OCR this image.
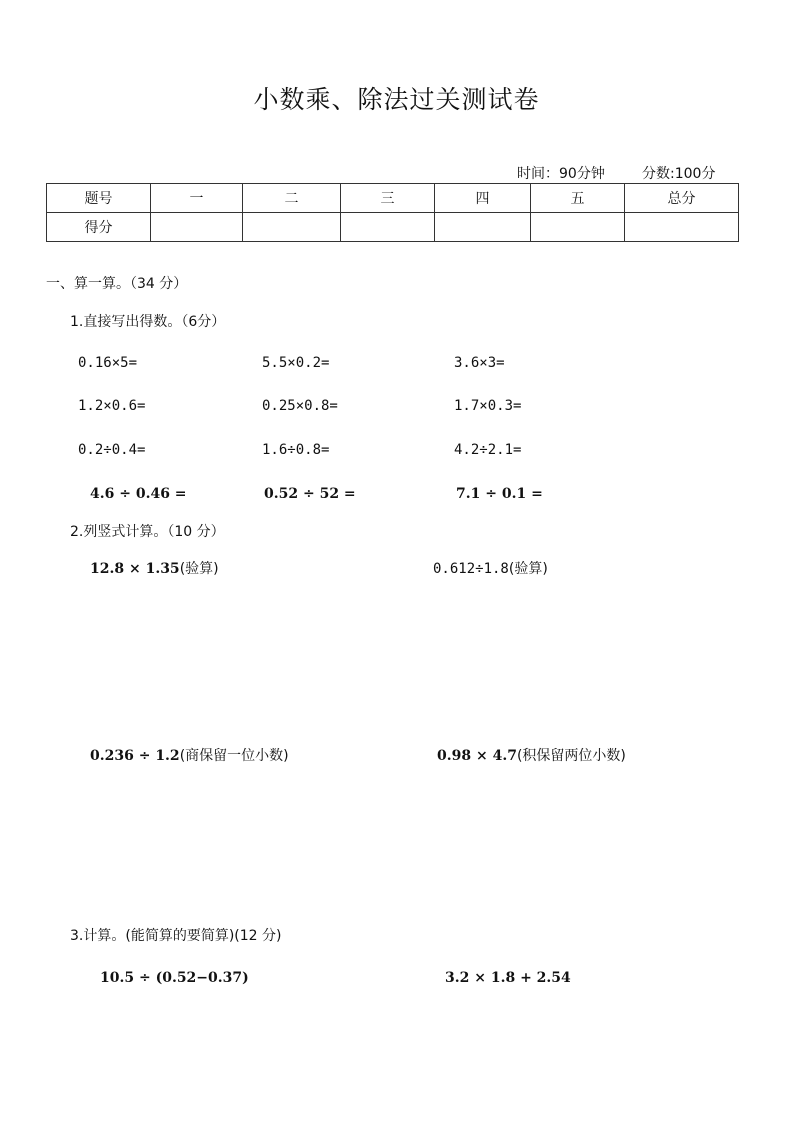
小数乘、除法过关测试卷
时间：90分钟	分数:100分
题号	一	二	三	四	五	总分
得分						
一、算一算。（34 分）
1.直接写出得数。（6分）
0.16×5=	5.5×0.2=	3.6×3=
1.2×0.6=	0.25×0.8=	1.7×0.3=
0.2÷0.4=	1.6÷0.8=	4.2÷2.1=
4.6 ÷ 0.46 =	0.52 ÷ 52 =	7.1 ÷ 0.1 =
2.列竖式计算。（10 分）
12.8 × 1.35(验算)	0.612÷1.8(验算)
0.236 ÷ 1.2(商保留一位小数)	0.98 × 4.7(积保留两位小数)
3.计算。(能简算的要简算)(12 分)
10.5 ÷ (0.52−0.37)	3.2 × 1.8 + 2.54
